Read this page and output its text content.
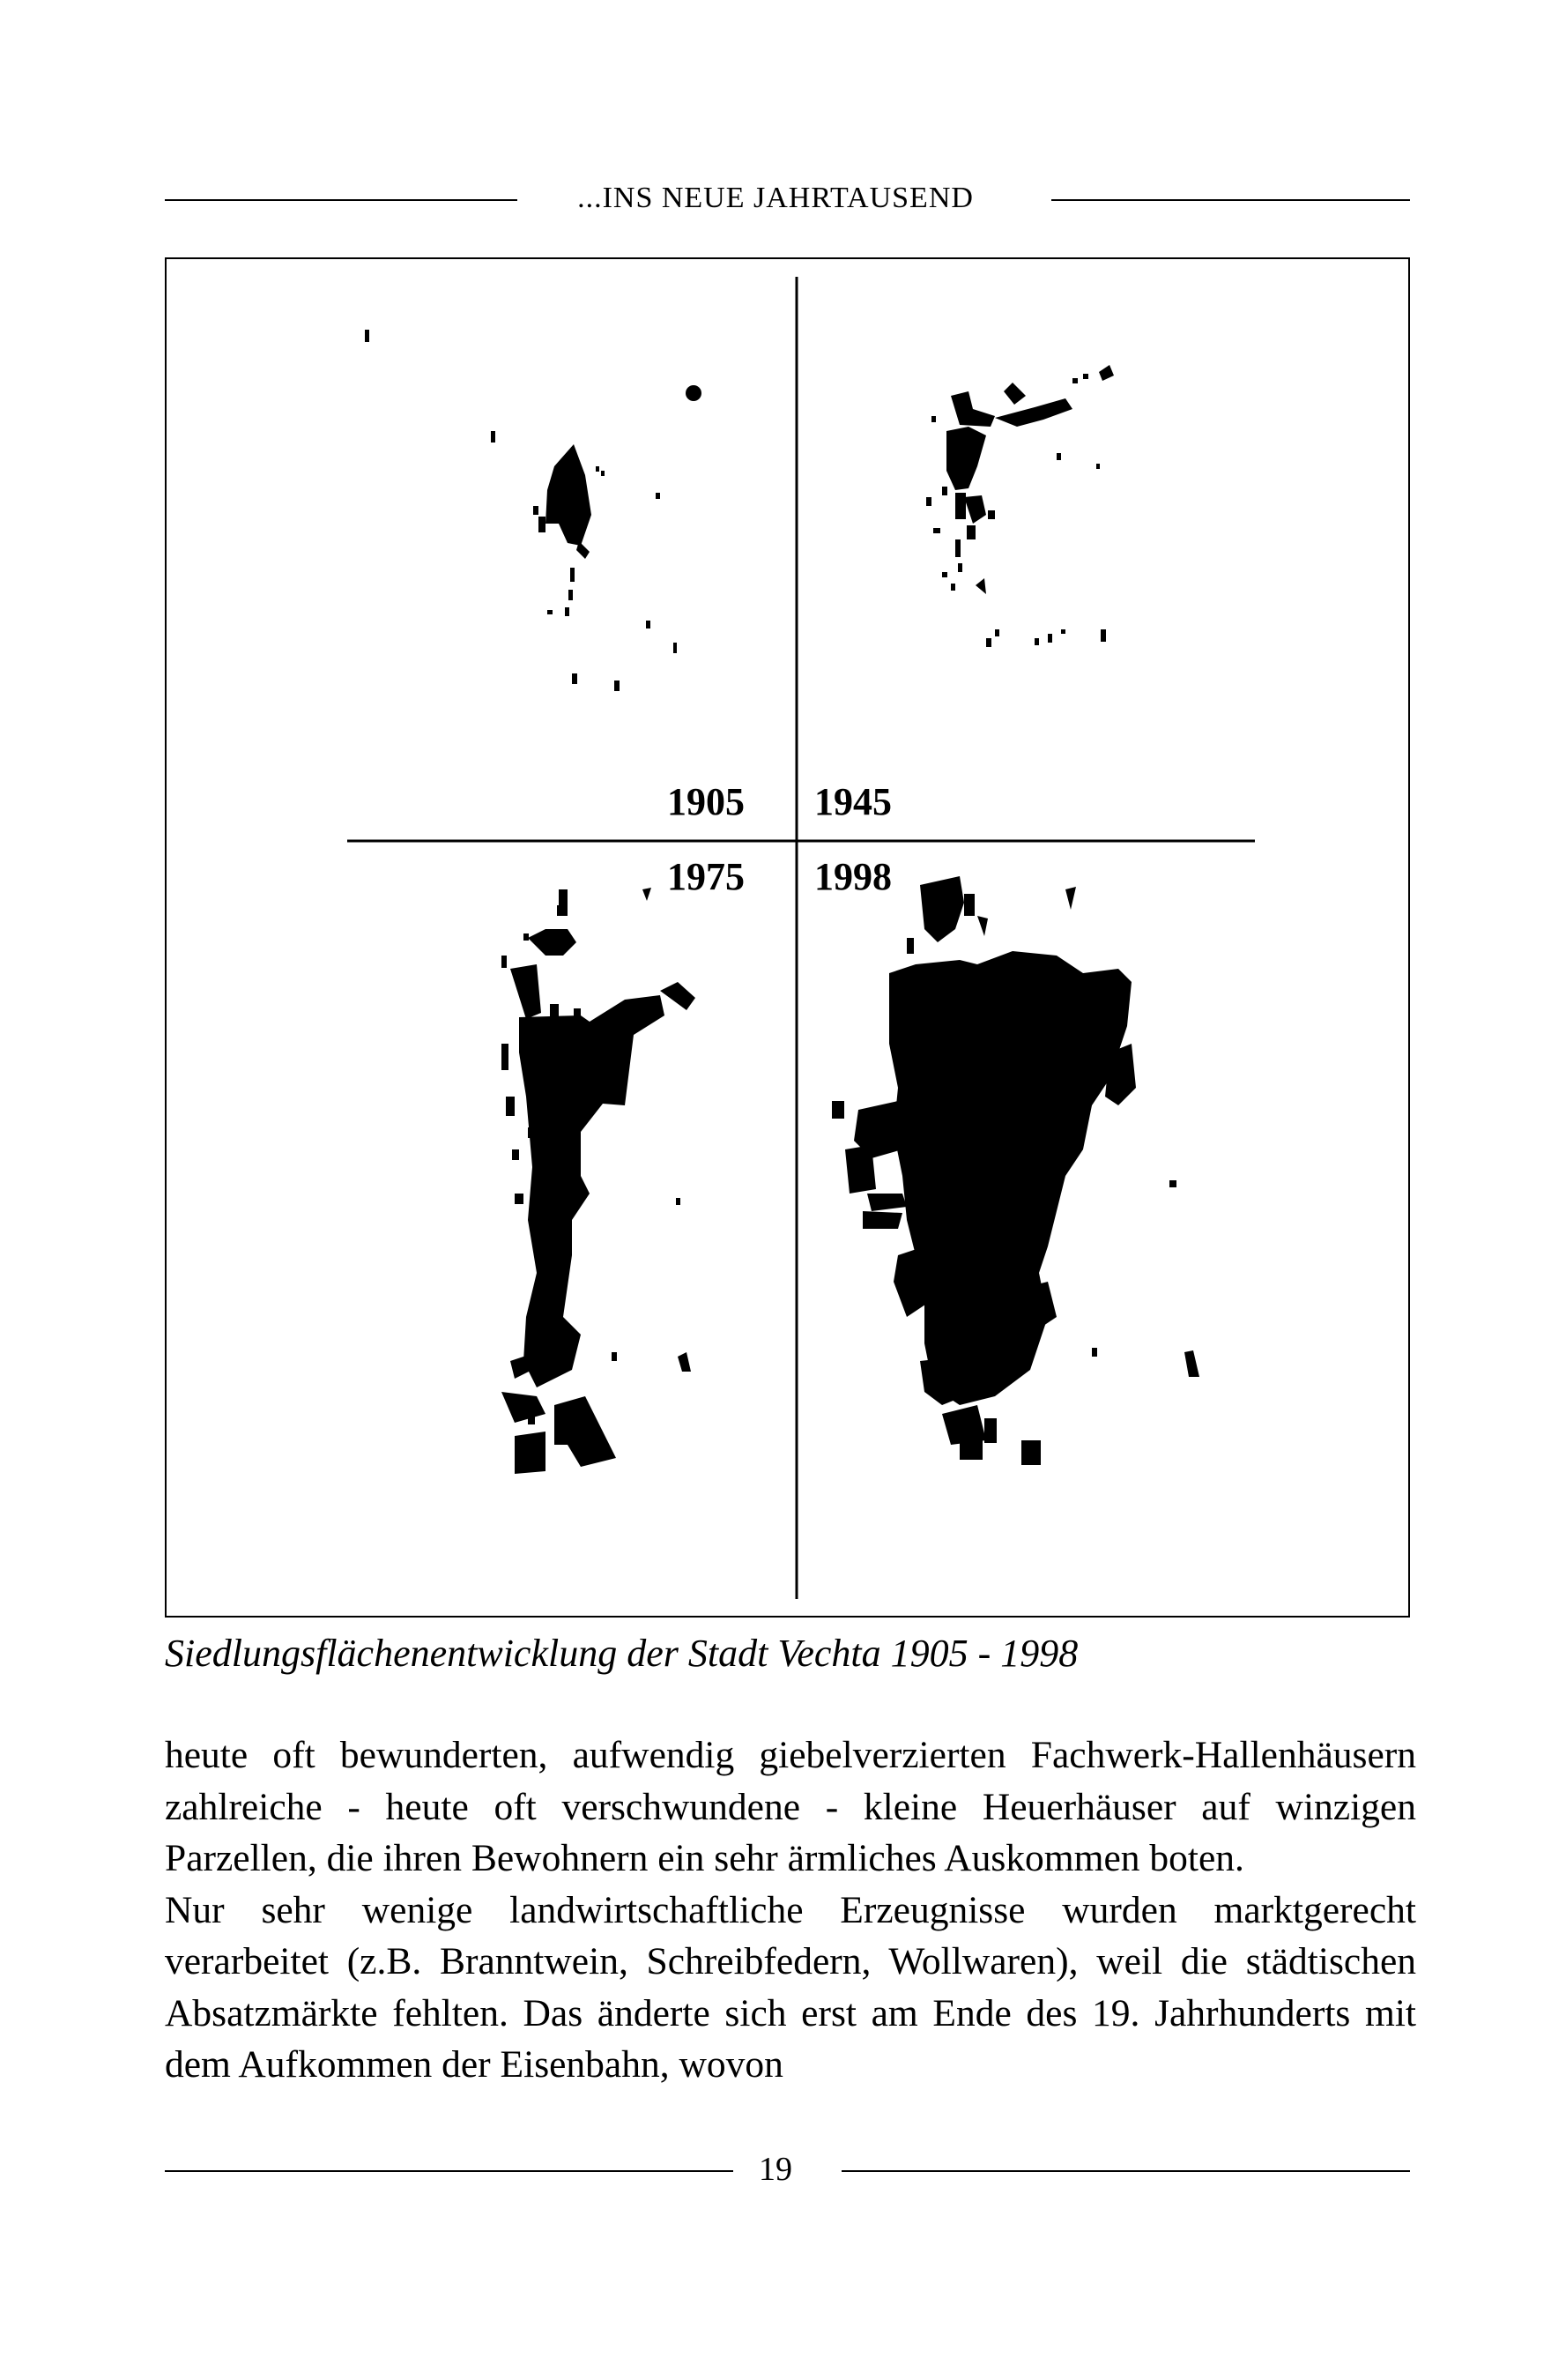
...INS NEUE JAHRTAUSEND
1905 1945
1975 1998
Siedlungsflächenentwicklung der Stadt Vechta 1905 - 1998

heute oft bewunderten, aufwendig giebelverzierten Fachwerk-Hallenhäusern zahlreiche - heute oft verschwundene - kleine Heuerhäuser auf winzigen Parzellen, die ihren Bewohnern ein sehr ärmliches Auskommen boten.

Nur sehr wenige landwirtschaftliche Erzeugnisse wurden marktgerecht verarbeitet (z.B. Branntwein, Schreibfedern, Wollwaren), weil die städtischen Absatzmärkte fehlten. Das änderte sich erst am Ende des 19. Jahrhunderts mit dem Aufkommen der Eisenbahn, wovon

19
